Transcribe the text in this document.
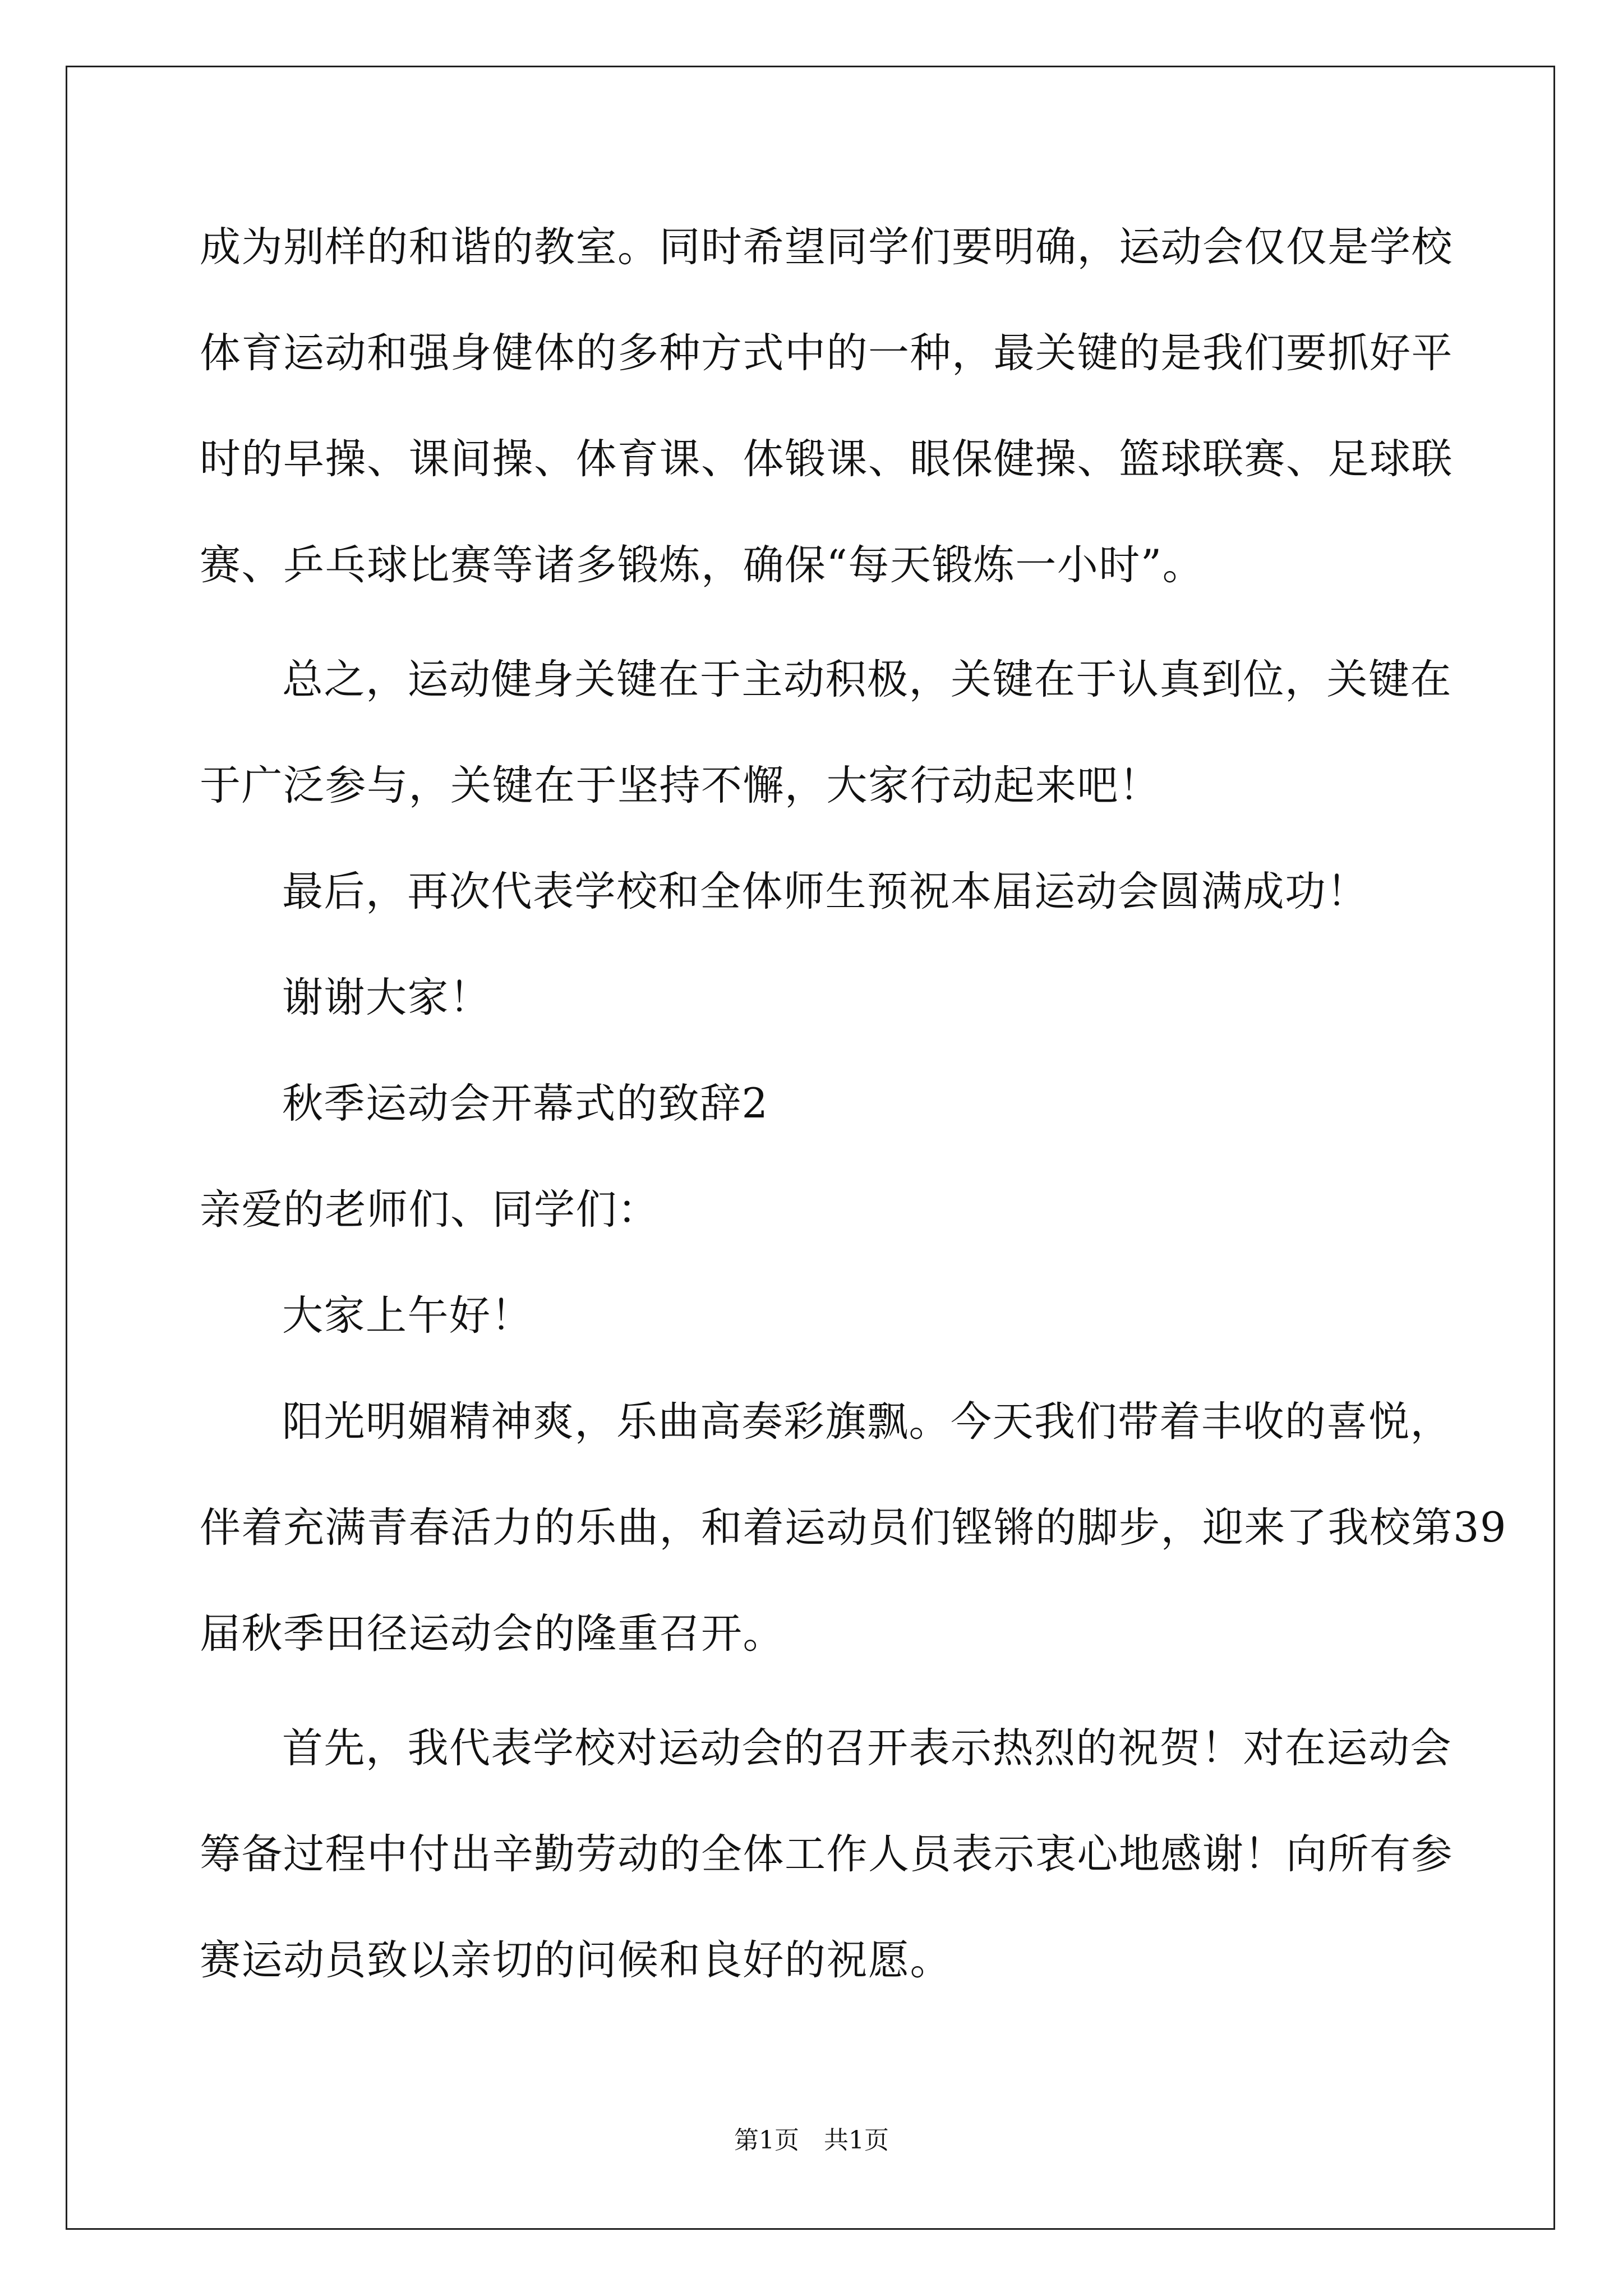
成为别样的和谐的教室。同时希望同学们要明确，运动会仅仅是学校
体育运动和强身健体的多种方式中的一种，最关键的是我们要抓好平
时的早操、课间操、体育课、体锻课、眼保健操、篮球联赛、足球联
赛、乒乓球比赛等诸多锻炼，确保“每天锻炼一小时”。
总之，运动健身关键在于主动积极，关键在于认真到位，关键在
于广泛参与，关键在于坚持不懈，大家行动起来吧！
最后，再次代表学校和全体师生预祝本届运动会圆满成功！
谢谢大家！
秋季运动会开幕式的致辞2
亲爱的老师们、同学们：
大家上午好！
阳光明媚精神爽，乐曲高奏彩旗飘。今天我们带着丰收的喜悦，
伴着充满青春活力的乐曲，和着运动员们铿锵的脚步，迎来了我校第39
届秋季田径运动会的隆重召开。
首先，我代表学校对运动会的召开表示热烈的祝贺！对在运动会
筹备过程中付出辛勤劳动的全体工作人员表示衷心地感谢！向所有参
赛运动员致以亲切的问候和良好的祝愿。
第1页　共1页
